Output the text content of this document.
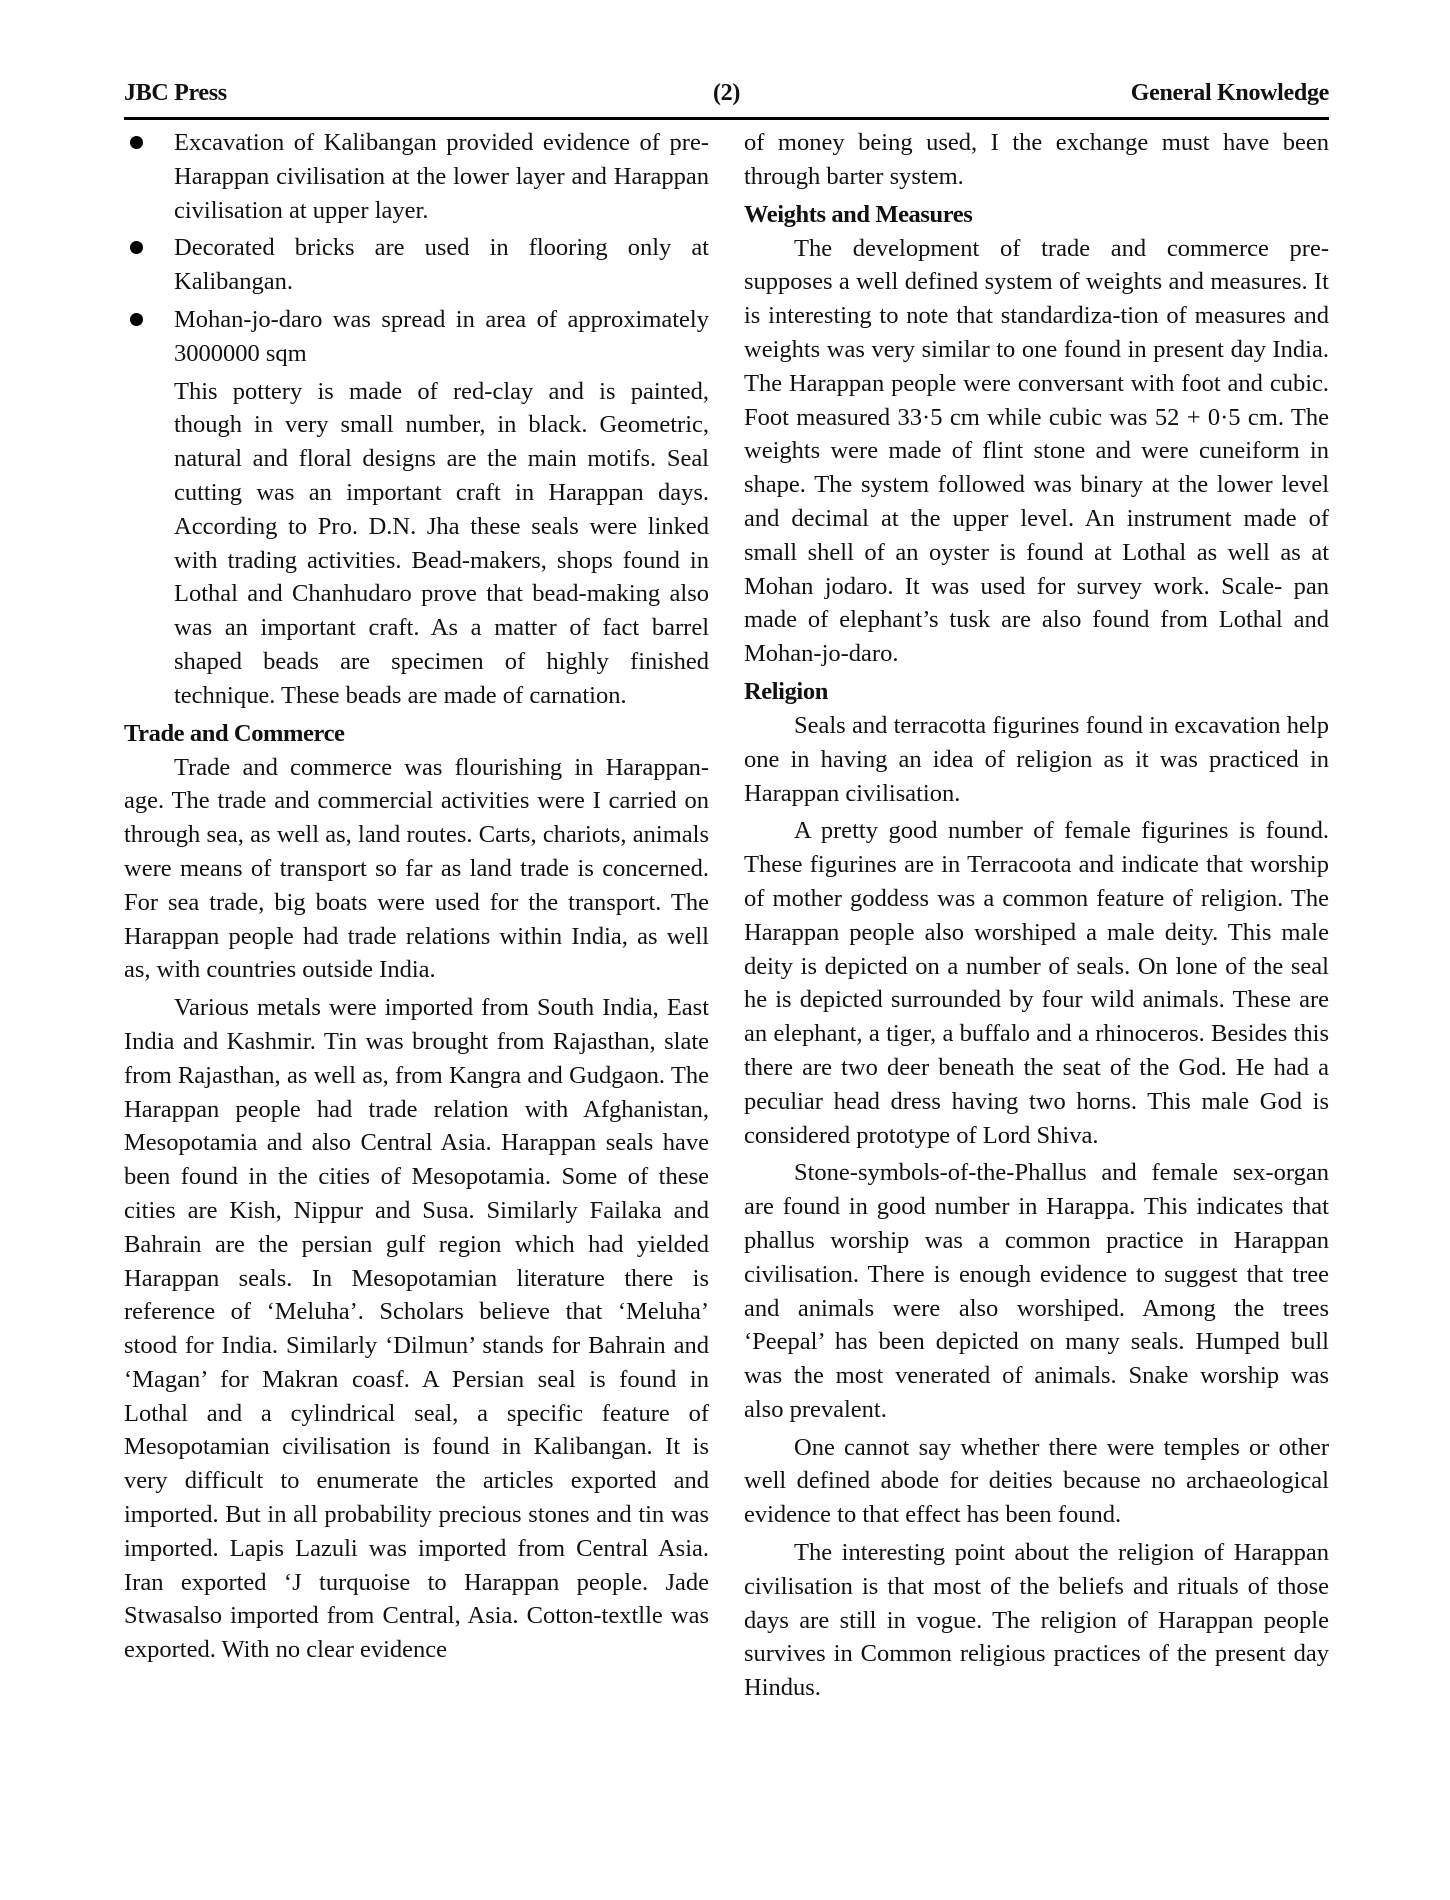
JBC Press	(2)	General Knowledge

Excavation of Kalibangan provided evidence of pre- Harappan civilisation at the lower layer and Harappan civilisation at upper layer.

Decorated bricks are used in flooring only at Kalibangan.

Mohan-jo-daro was spread in area of approximately 3000000 sqm

This pottery is made of red-clay and is painted, though in very small number, in black. Geometric, natural and floral designs are the main motifs. Seal cutting was an important craft in Harappan days. According to Pro. D.N. Jha these seals were linked with trading activities. Bead-makers, shops found in Lothal and Chanhudaro prove that bead-making also was an important craft. As a matter of fact barrel shaped beads are specimen of highly finished technique. These beads are made of carnation.

Trade and Commerce

Trade and commerce was flourishing in Harappan-age. The trade and commercial activities were I carried on through sea, as well as, land routes. Carts, chariots, animals were means of transport so far as land trade is concerned. For sea trade, big boats were used for the transport. The Harappan people had trade relations within India, as well as, with countries outside India.

Various metals were imported from South India, East India and Kashmir. Tin was brought from Rajasthan, slate from Rajasthan, as well as, from Kangra and Gudgaon. The Harappan people had trade relation with Afghanistan, Mesopotamia and also Central Asia. Harappan seals have been found in the cities of Mesopotamia. Some of these cities are Kish, Nippur and Susa. Similarly Failaka and Bahrain are the persian gulf region which had yielded Harappan seals. In Mesopotamian literature there is reference of ‘Meluha’. Scholars believe that ‘Meluha’ stood for India. Similarly ‘Dilmun’ stands for Bahrain and ‘Magan’ for Makran coasf. A Persian seal is found in Lothal and a cylindrical seal, a specific feature of Mesopotamian civilisation is found in Kalibangan. It is very difficult to enumerate the articles exported and imported. But in all probability precious stones and tin was imported. Lapis Lazuli was imported from Central Asia. Iran exported ‘J turquoise to Harappan people. Jade Stwasalso imported from Central, Asia. Cotton-textlle was exported. With no clear evidence

of money being used, I the exchange must have been through barter system.

Weights and Measures

The development of trade and commerce pre-supposes a well defined system of weights and measures. It is interesting to note that standardiza-tion of measures and weights was very similar to one found in present day India. The Harappan people were conversant with foot and cubic. Foot measured 33·5 cm while cubic was 52 + 0·5 cm. The weights were made of flint stone and were cuneiform in shape. The system followed was binary at the lower level and decimal at the upper level. An instrument made of small shell of an oyster is found at Lothal as well as at Mohan jodaro. It was used for survey work. Scale- pan made of elephant’s tusk are also found from Lothal and Mohan-jo-daro.

Religion

Seals and terracotta figurines found in excavation help one in having an idea of religion as it was practiced in Harappan civilisation.

A pretty good number of female figurines is found. These figurines are in Terracoota and indicate that worship of mother goddess was a common feature of religion. The Harappan people also worshiped a male deity. This male deity is depicted on a number of seals. On lone of the seal he is depicted surrounded by four wild animals. These are an elephant, a tiger, a buffalo and a rhinoceros. Besides this there are two deer beneath the seat of the God. He had a peculiar head dress having two horns. This male God is considered prototype of Lord Shiva.

Stone-symbols-of-the-Phallus and female sex-organ are found in good number in Harappa. This indicates that phallus worship was a common practice in Harappan civilisation. There is enough evidence to suggest that tree and animals were also worshiped. Among the trees ‘Peepal’ has been depicted on many seals. Humped bull was the most venerated of animals. Snake worship was also prevalent.

One cannot say whether there were temples or other well defined abode for deities because no archaeological evidence to that effect has been found.

The interesting point about the religion of Harappan civilisation is that most of the beliefs and rituals of those days are still in vogue. The religion of Harappan people survives in Common religious practices of the present day Hindus.
